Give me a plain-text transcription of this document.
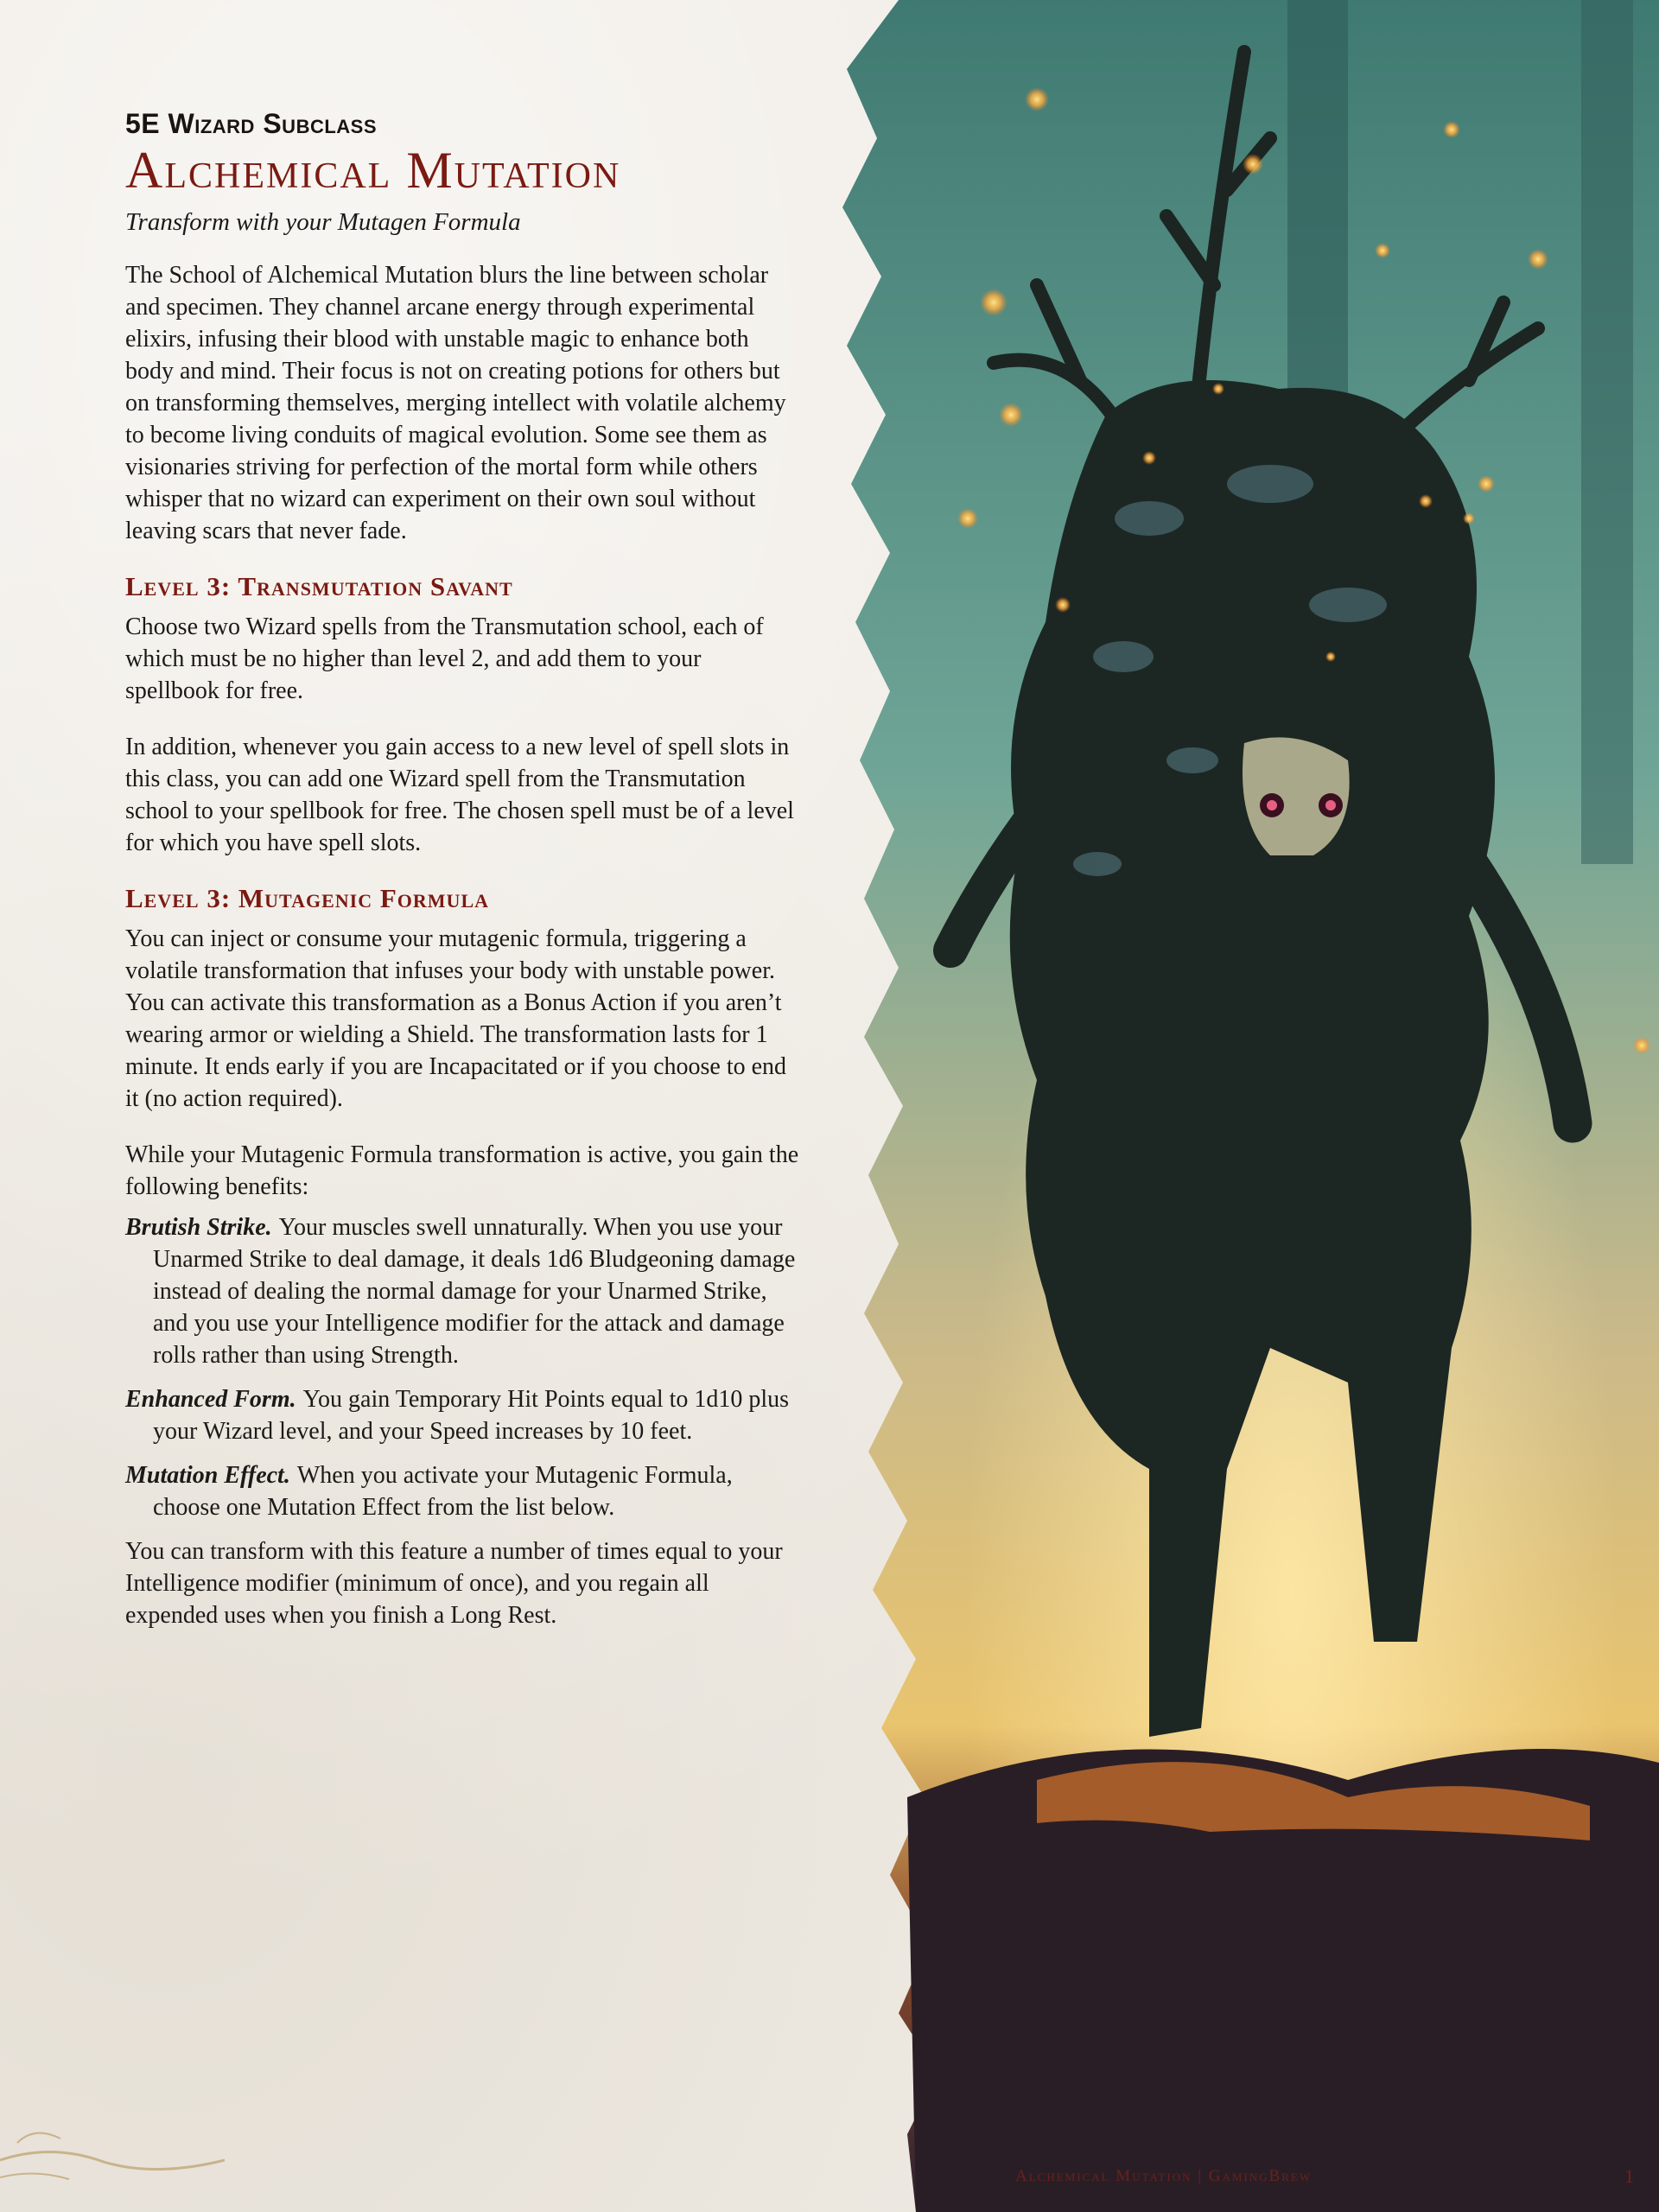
5E Wizard Subclass
Alchemical Mutation
Transform with your Mutagen Formula

The School of Alchemical Mutation blurs the line between scholar and specimen. They channel arcane energy through experimental elixirs, infusing their blood with unstable magic to enhance both body and mind. Their focus is not on creating potions for others but on transforming themselves, merging intellect with volatile alchemy to become living conduits of magical evolution. Some see them as visionaries striving for perfection of the mortal form while others whisper that no wizard can experiment on their own soul without leaving scars that never fade.

Level 3: Transmutation Savant

Choose two Wizard spells from the Transmutation school, each of which must be no higher than level 2, and add them to your spellbook for free.

In addition, whenever you gain access to a new level of spell slots in this class, you can add one Wizard spell from the Transmutation school to your spellbook for free. The chosen spell must be of a level for which you have spell slots.

Level 3: Mutagenic Formula

You can inject or consume your mutagenic formula, triggering a volatile transformation that infuses your body with unstable power. You can activate this transformation as a Bonus Action if you aren’t wearing armor or wielding a Shield. The transformation lasts for 1 minute. It ends early if you are Incapacitated or if you choose to end it (no action required).

While your Mutagenic Formula transformation is active, you gain the following benefits:

Brutish Strike. Your muscles swell unnaturally. When you use your Unarmed Strike to deal damage, it deals 1d6 Bludgeoning damage instead of dealing the normal damage for your Unarmed Strike, and you use your Intelligence modifier for the attack and damage rolls rather than using Strength.
Enhanced Form. You gain Temporary Hit Points equal to 1d10 plus your Wizard level, and your Speed increases by 10 feet.
Mutation Effect. When you activate your Mutagenic Formula, choose one Mutation Effect from the list below.

You can transform with this feature a number of times equal to your Intelligence modifier (minimum of once), and you regain all expended uses when you finish a Long Rest.

Alchemical Mutation | GamingBrew	1
